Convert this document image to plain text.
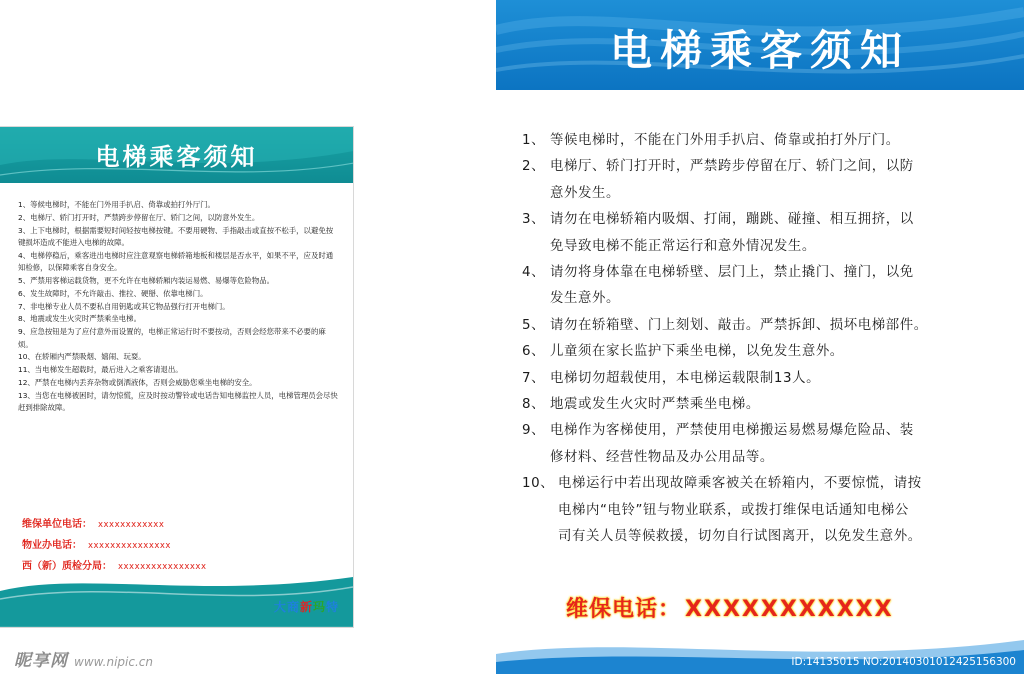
电梯乘客须知
1、等候电梯时，不能在门外用手扒启、倚靠或拍打外厅门。
2、电梯厅、轿门打开时，严禁跨步停留在厅、轿门之间，以防意外发生。
3、上下电梯时，根据需要短时间轻按电梯按键。不要用硬物、手指敲击或直按不松手，以避免按键损坏造成不能进入电梯的故障。
4、电梯停稳后，乘客进出电梯时应注意观察电梯轿箱地板和楼层是否水平，如果不平，应及时通知检修，以保障乘客自身安全。
5、严禁用客梯运载货物，更不允许在电梯轿厢内装运易燃、易爆等危险物品。
6、发生故障时，不允许敲击、推拉、硬掰、依靠电梯门。
7、非电梯专业人员不要私自用钥匙或其它物品强行打开电梯门。
8、地震或发生火灾时严禁乘坐电梯。
9、应急按钮是为了应付意外而设置的，电梯正常运行时不要按动，否则会经您带来不必要的麻烦。
10、在轿厢内严禁吸烟、嬉闹、玩耍。
11、当电梯发生超载时，最后进入之乘客请退出。
12、严禁在电梯内丢弃杂物或倒洒液体，否则会威胁您乘坐电梯的安全。
13、当您在电梯被困时，请勿惊慌，应及时按动警铃或电话告知电梯监控人员，电梯管理员会尽快赶到排除故障。
维保单位电话： xxxxxxxxxxxx
物业办电话： xxxxxxxxxxxxxxx
西（新）质检分局： xxxxxxxxxxxxxxxx
大商新玛特
电梯乘客须知
1、 等候电梯时，不能在门外用手扒启、倚靠或拍打外厅门。
2、 电梯厅、轿门打开时，严禁跨步停留在厅、轿门之间，以防
意外发生。
3、 请勿在电梯轿箱内吸烟、打闹，蹦跳、碰撞、相互拥挤，以
免导致电梯不能正常运行和意外情况发生。
4、 请勿将身体靠在电梯轿壁、层门上，禁止撬门、撞门，以免
发生意外。
5、 请勿在轿箱壁、门上刻划、敲击。严禁拆卸、损坏电梯部件。
6、 儿童须在家长监护下乘坐电梯，以免发生意外。
7、 电梯切勿超载使用，本电梯运载限制13人。
8、 地震或发生火灾时严禁乘坐电梯。
9、 电梯作为客梯使用，严禁使用电梯搬运易燃易爆危险品、装
修材料、经营性物品及办公用品等。
10、 电梯运行中若出现故障乘客被关在轿箱内，不要惊慌，请按
电梯内“电铃”钮与物业联系，或拨打维保电话通知电梯公
司有关人员等候救援，切勿自行试图离开，以免发生意外。
维保电话： XXXXXXXXXXX
ID:14135015 NO:20140301012425156300
昵享网 www.nipic.cn
